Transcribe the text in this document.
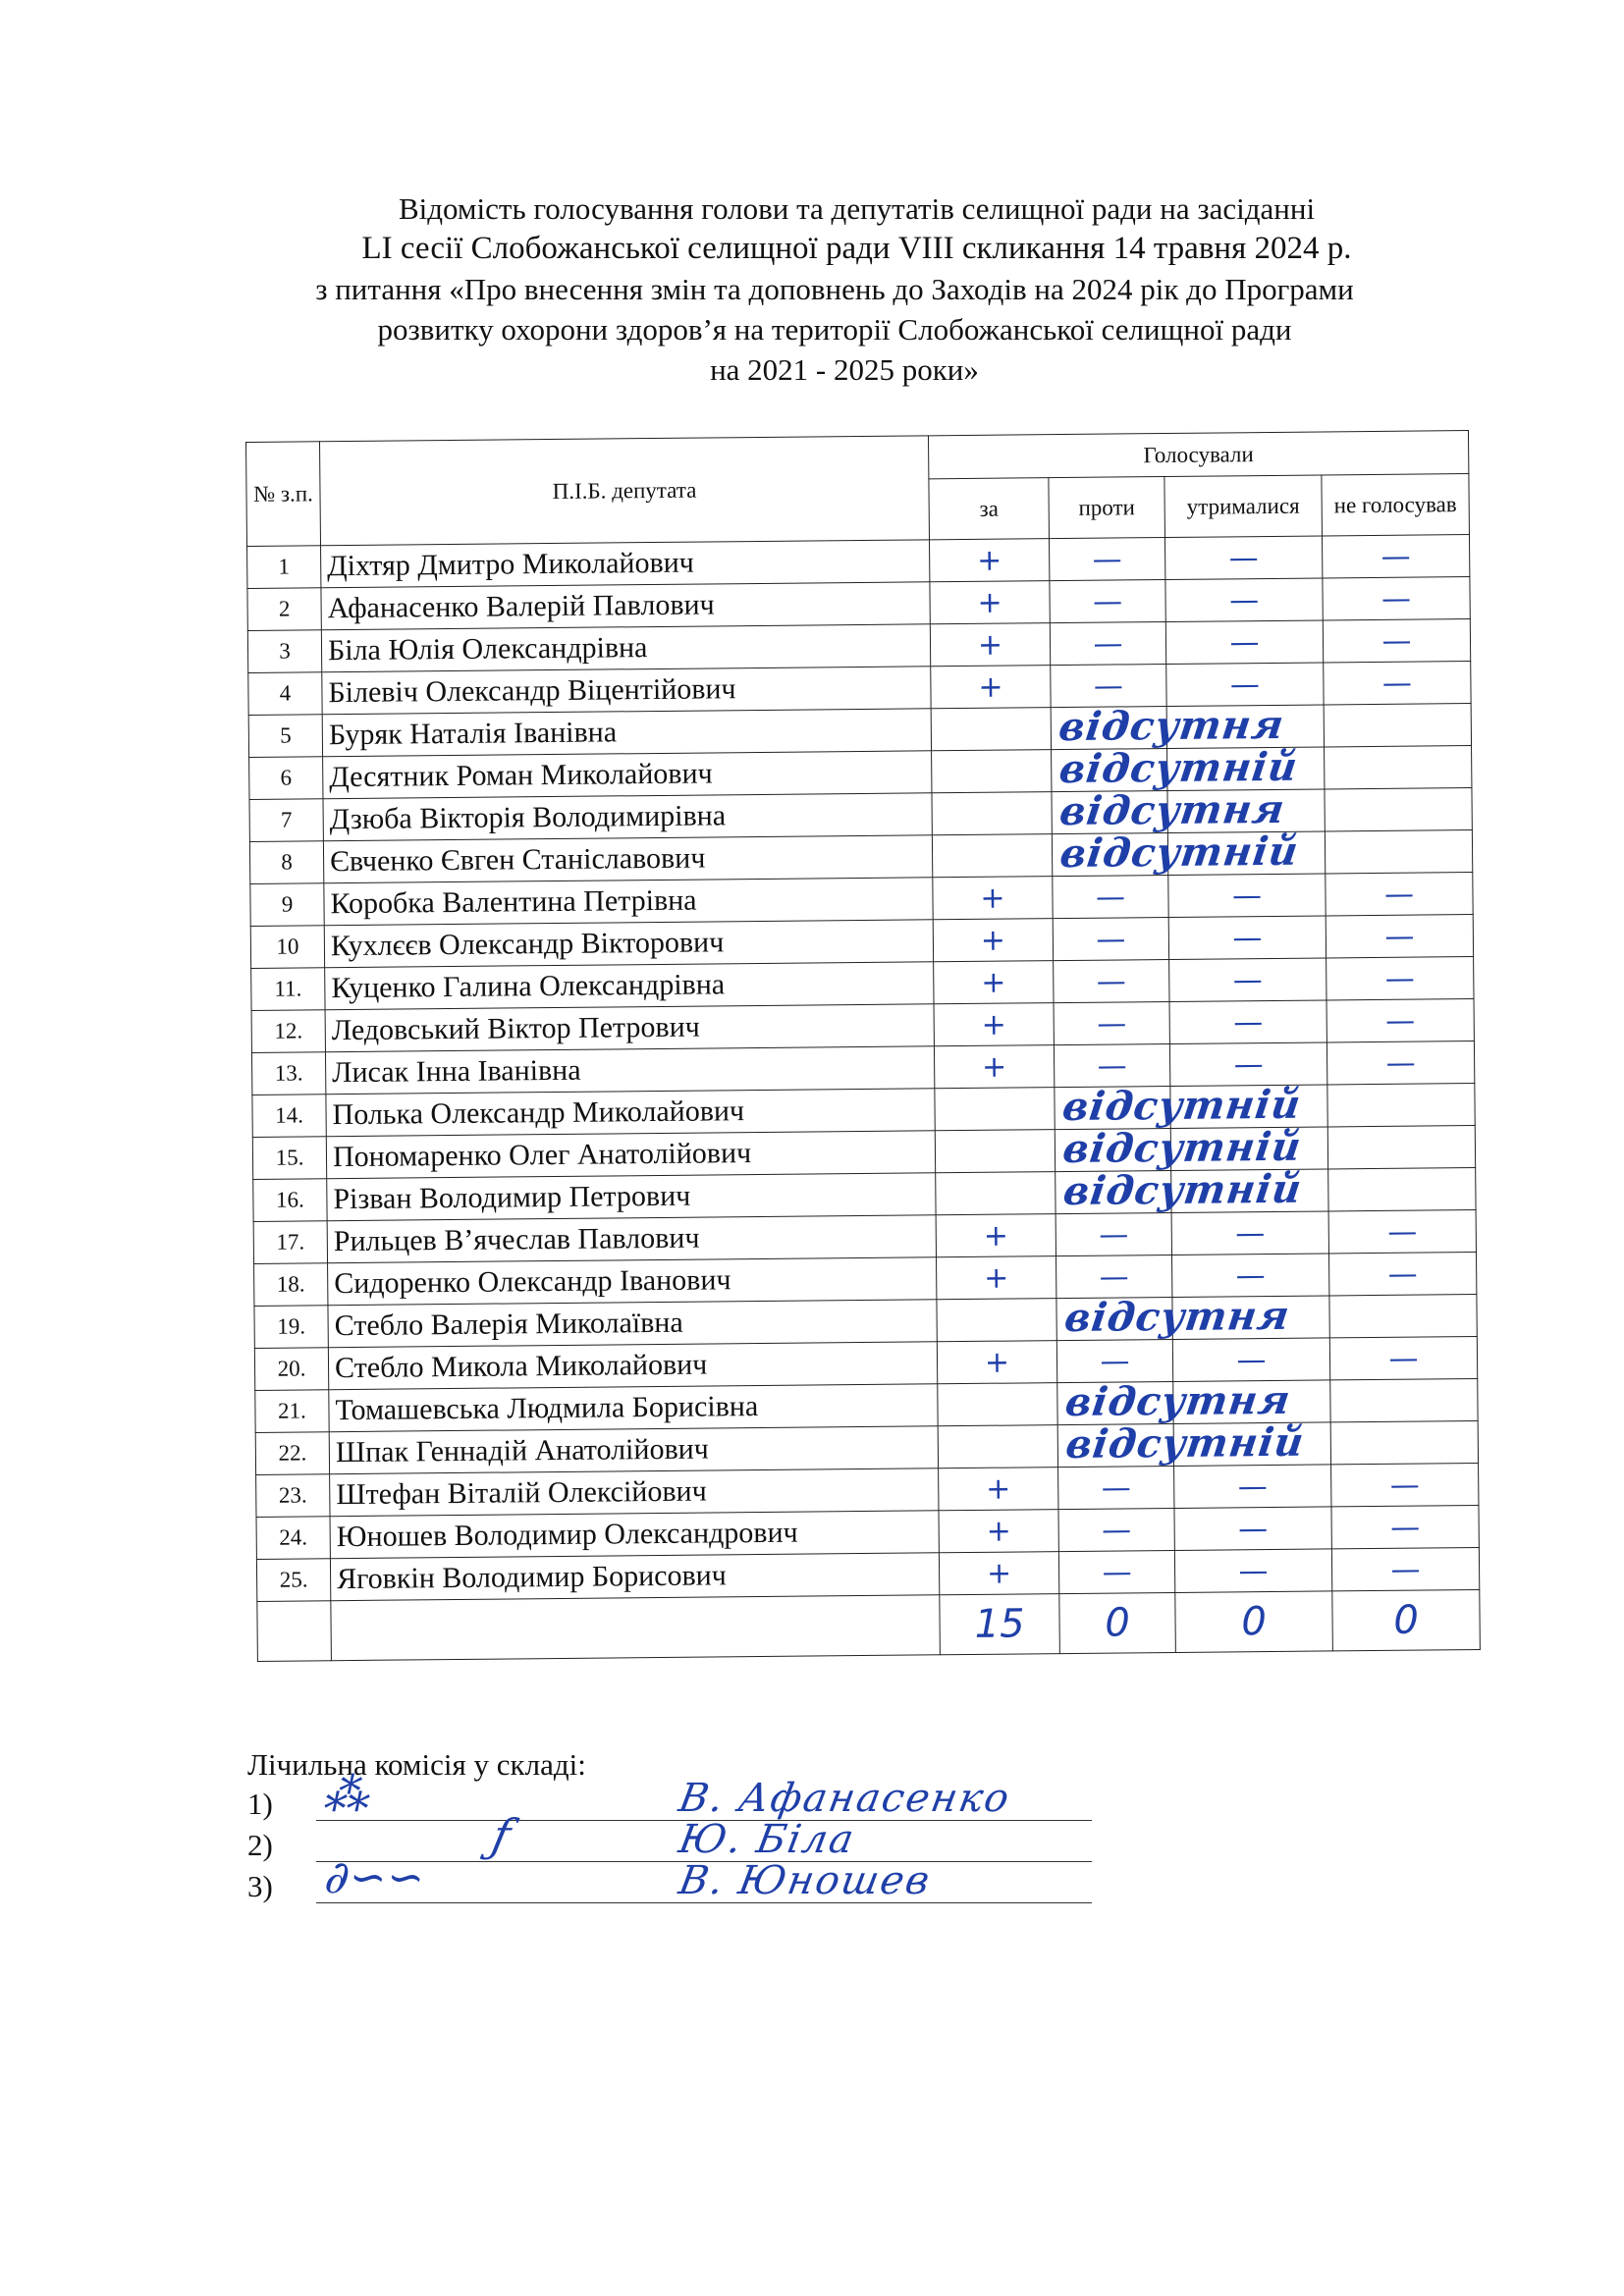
Відомість голосування голови та депутатів селищної ради на засіданні
LI сесії Слобожанської селищної ради VIII скликання 14 травня 2024 р.
з питання «Про внесення змін та доповнень до Заходів на 2024 рік до Програми
розвитку охорони здоров’я на території Слобожанської селищної ради
на 2021 - 2025 роки»
№ з.п.	П.І.Б. депутата	Голосували			
		за	проти	утрималися	не голосував
1	Діхтяр Дмитро Миколайович	+	—	—	—
2	Афанасенко Валерій Павлович	+	—	—	—
3	Біла Юлія Олександрівна	+	—	—	—
4	Білевіч Олександр Віцентійович	+	—	—	—
5	Буряк Наталія Іванівна	відсутня			

6	Десятник Роман Миколайович	відсутній			

7	Дзюба Вікторія Володимирівна	відсутня			

8	Євченко Євген Станіславович	відсутній			

9	Коробка Валентина Петрівна	+	—	—	—
10	Кухлєєв Олександр Вікторович	+	—	—	—
11.	Куценко Галина Олександрівна	+	—	—	—
12.	Ледовський Віктор Петрович	+	—	—	—
13.	Лисак Інна Іванівна	+	—	—	—
14.	Полька Олександр Миколайович	відсутній			

15.	Пономаренко Олег Анатолійович	відсутній			

16.	Різван Володимир Петрович	відсутній			

17.	Рильцев В’ячеслав Павлович	+	—	—	—
18.	Сидоренко Олександр Іванович	+	—	—	—
19.	Стебло Валерія Миколаївна	відсутня			

20.	Стебло Микола Миколайович	+	—	—	—
21.	Томашевська Людмила Борисівна	відсутня			

22.	Шпак Геннадій Анатолійович	відсутній			

23.	Штефан Віталій Олексійович	+	—	—	—
24.	Юношев Володимир Олександрович	+	—	—	—
25.	Яговкін Володимир Борисович	+	—	—	—
		15	0	0	0
Лічильна комісія у складі:
1) ⁂	В. Афанасенко
2)	ƒ	Ю. Біла
3) ∂∽∽	В. Юношев
